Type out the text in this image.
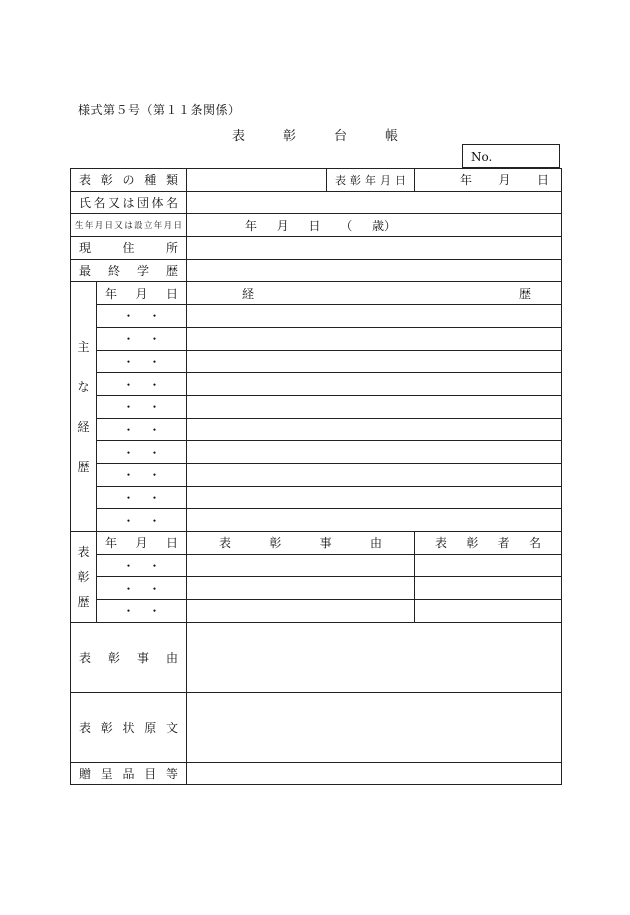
様式第５号（第１１条関係）
表彰台帳
No.
表彰の種類			表彰年月日	年 月 日

氏名又は団体名				
生年月日又は設立年月日		年 月 日 （ 歳）		

現住所				
最終学歴				

主
な
経
歴	年 月 日	経 歴		

	・・			
	・・			
	・・			
	・・			
	・・			
	・・			
	・・			
	・・			
	・・			
	・・			

表
彰
歴	年 月 日	表 彰 事 由		表 彰 者 名

	・・			
	・・			
	・・			
表彰事由				
表彰状原文				
贈呈品目等				
